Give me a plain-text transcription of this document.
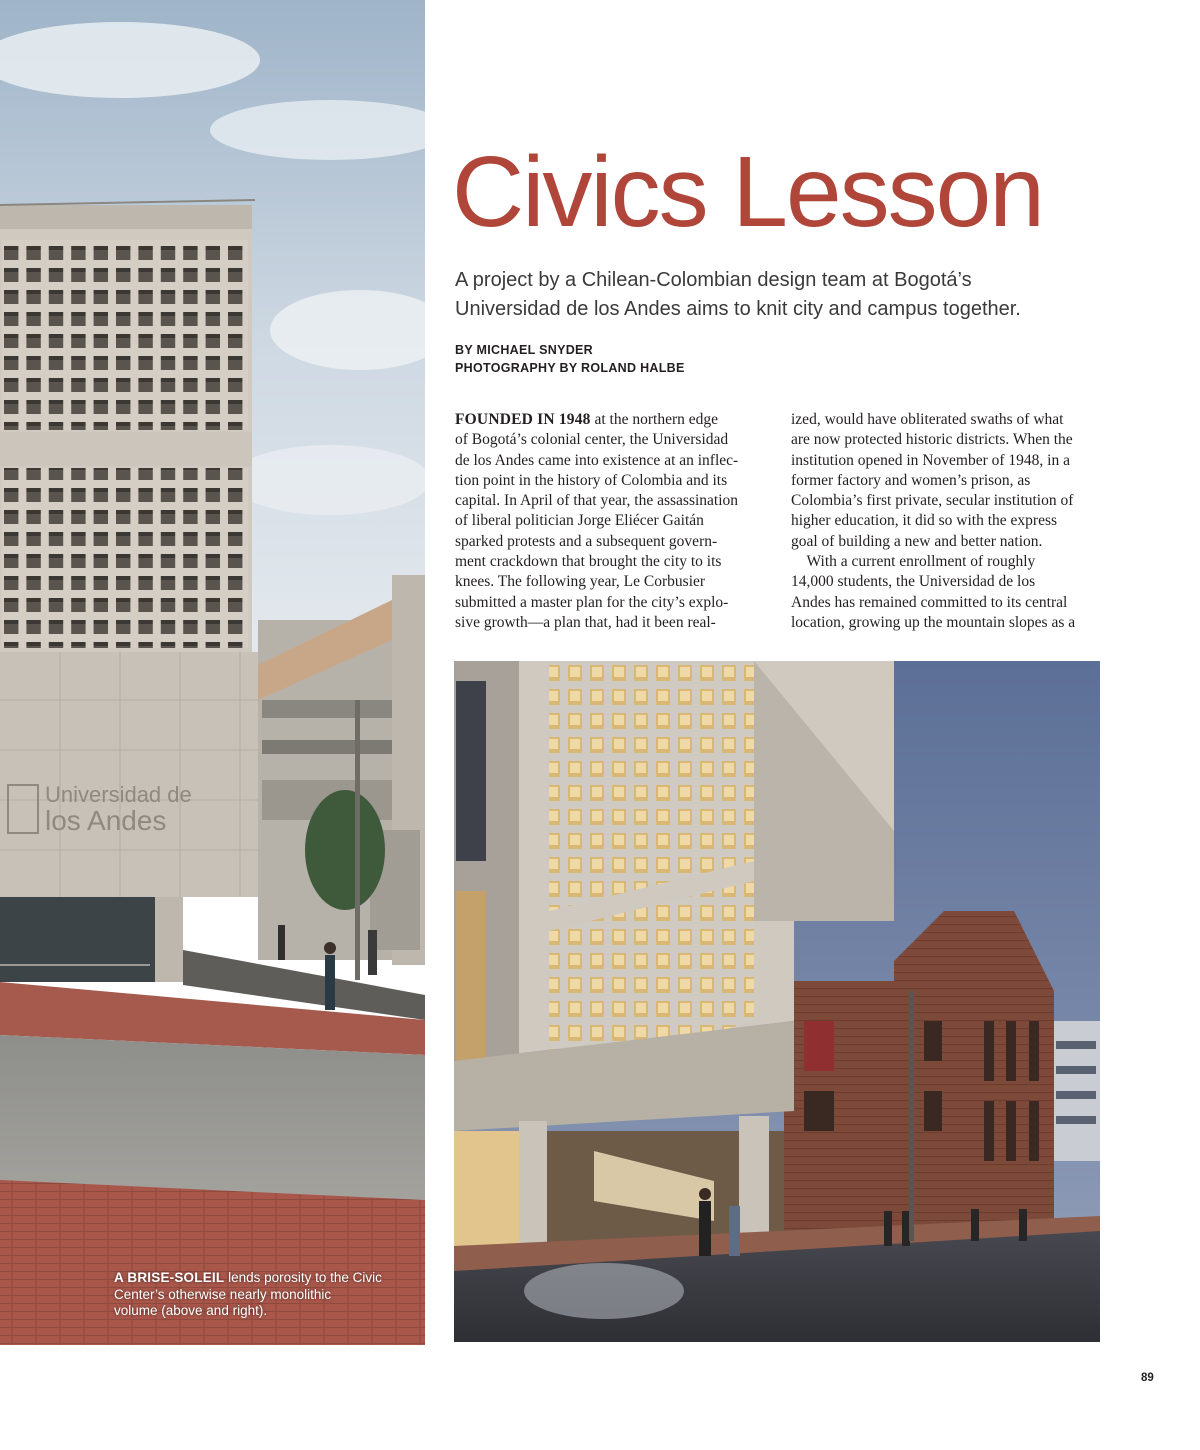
Universidad de
los Andes
A BRISE-SOLEIL lends porosity to the Civic
Center’s otherwise nearly monolithic
volume (above and right).
Civics Lesson
A project by a Chilean-Colombian design team at Bogotá’s
Universidad de los Andes aims to knit city and campus together.
BY MICHAEL SNYDER
PHOTOGRAPHY BY ROLAND HALBE
FOUNDED IN 1948 at the northern edge
of Bogotá’s colonial center, the Universidad
de los Andes came into existence at an inflec-
tion point in the history of Colombia and its
capital. In April of that year, the assassination
of liberal politician Jorge Eliécer Gaitán
sparked protests and a subsequent govern-
ment crackdown that brought the city to its
knees. The following year, Le Corbusier
submitted a master plan for the city’s explo-
sive growth—a plan that, had it been real-
ized, would have obliterated swaths of what
are now protected historic districts. When the
institution opened in November of 1948, in a
former factory and women’s prison, as
Colombia’s first private, secular institution of
higher education, it did so with the express
goal of building a new and better nation.
With a current enrollment of roughly
14,000 students, the Universidad de los
Andes has remained committed to its central
location, growing up the mountain slopes as a
89
